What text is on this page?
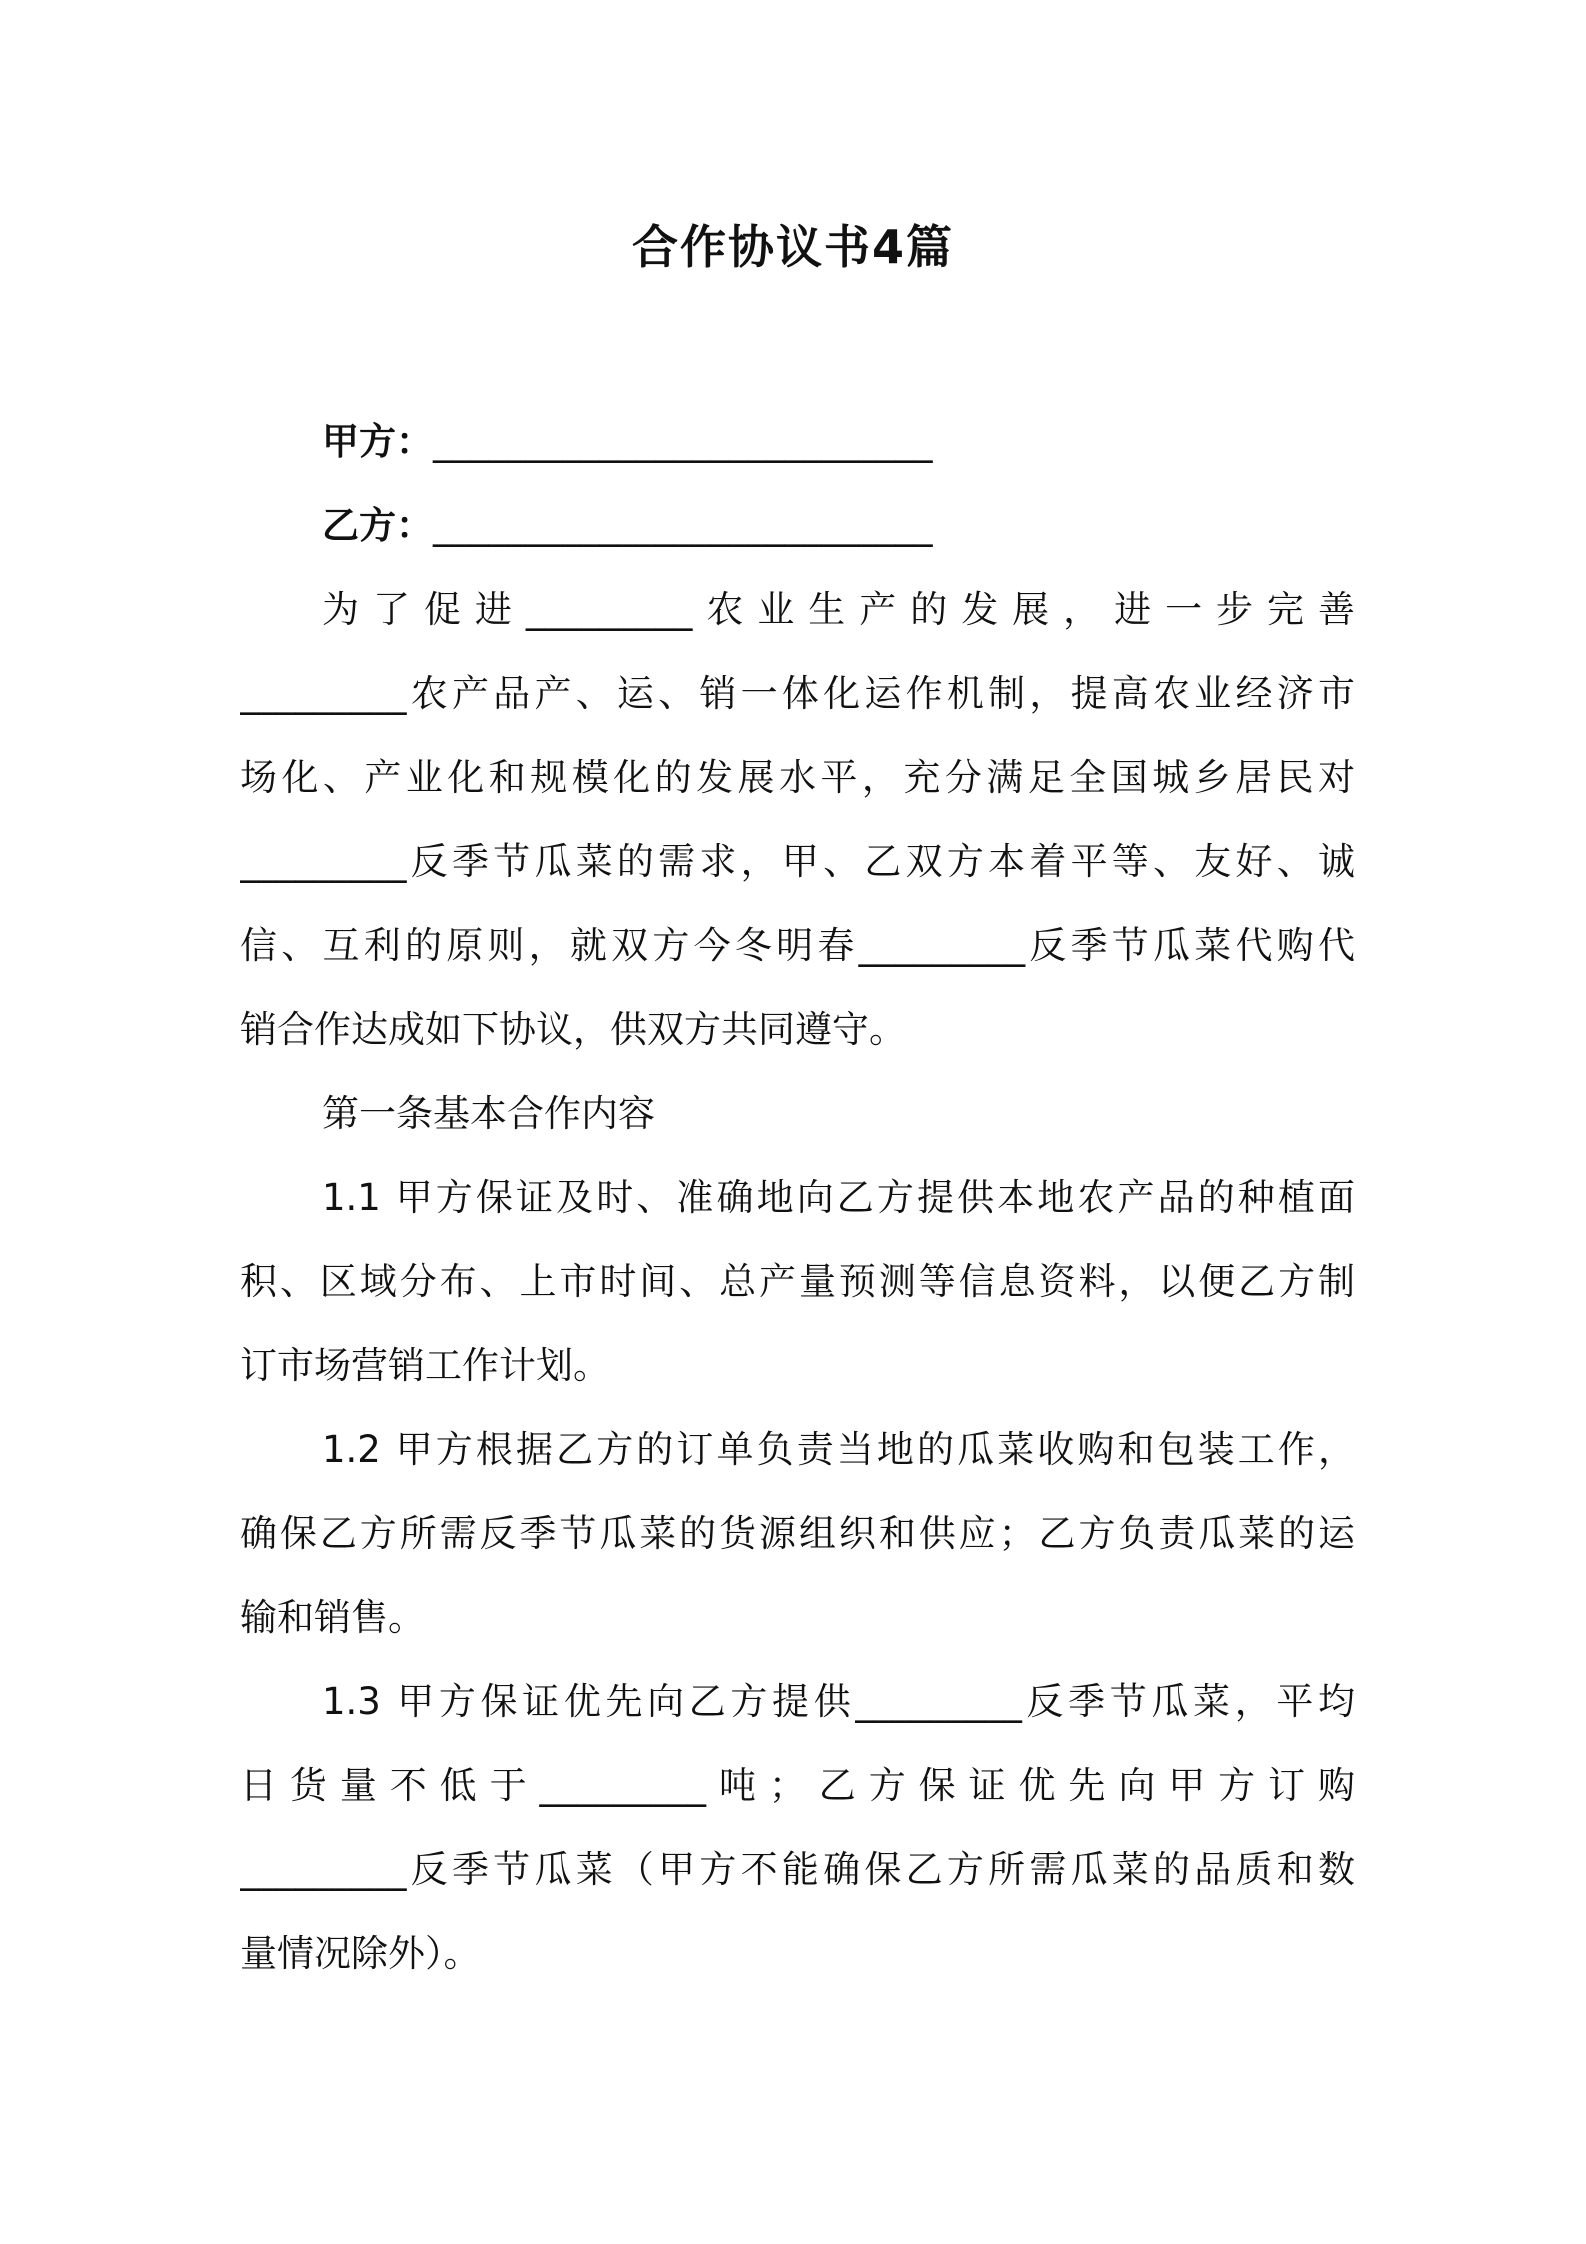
合作协议书4篇
甲方：___________________________
乙方：___________________________
为了促进_________农业生产的发展，进一步完善
_________农产品产、运、销一体化运作机制，提高农业经济市
场化、产业化和规模化的发展水平，充分满足全国城乡居民对
_________反季节瓜菜的需求，甲、乙双方本着平等、友好、诚
信、互利的原则，就双方今冬明春_________反季节瓜菜代购代
销合作达成如下协议，供双方共同遵守。
第一条基本合作内容
1.1 甲方保证及时、准确地向乙方提供本地农产品的种植面
积、区域分布、上市时间、总产量预测等信息资料，以便乙方制
订市场营销工作计划。
1.2 甲方根据乙方的订单负责当地的瓜菜收购和包装工作，
确保乙方所需反季节瓜菜的货源组织和供应；乙方负责瓜菜的运
输和销售。
1.3 甲方保证优先向乙方提供_________反季节瓜菜，平均
日货量不低于_________吨；乙方保证优先向甲方订购
_________反季节瓜菜（甲方不能确保乙方所需瓜菜的品质和数
量情况除外）。
